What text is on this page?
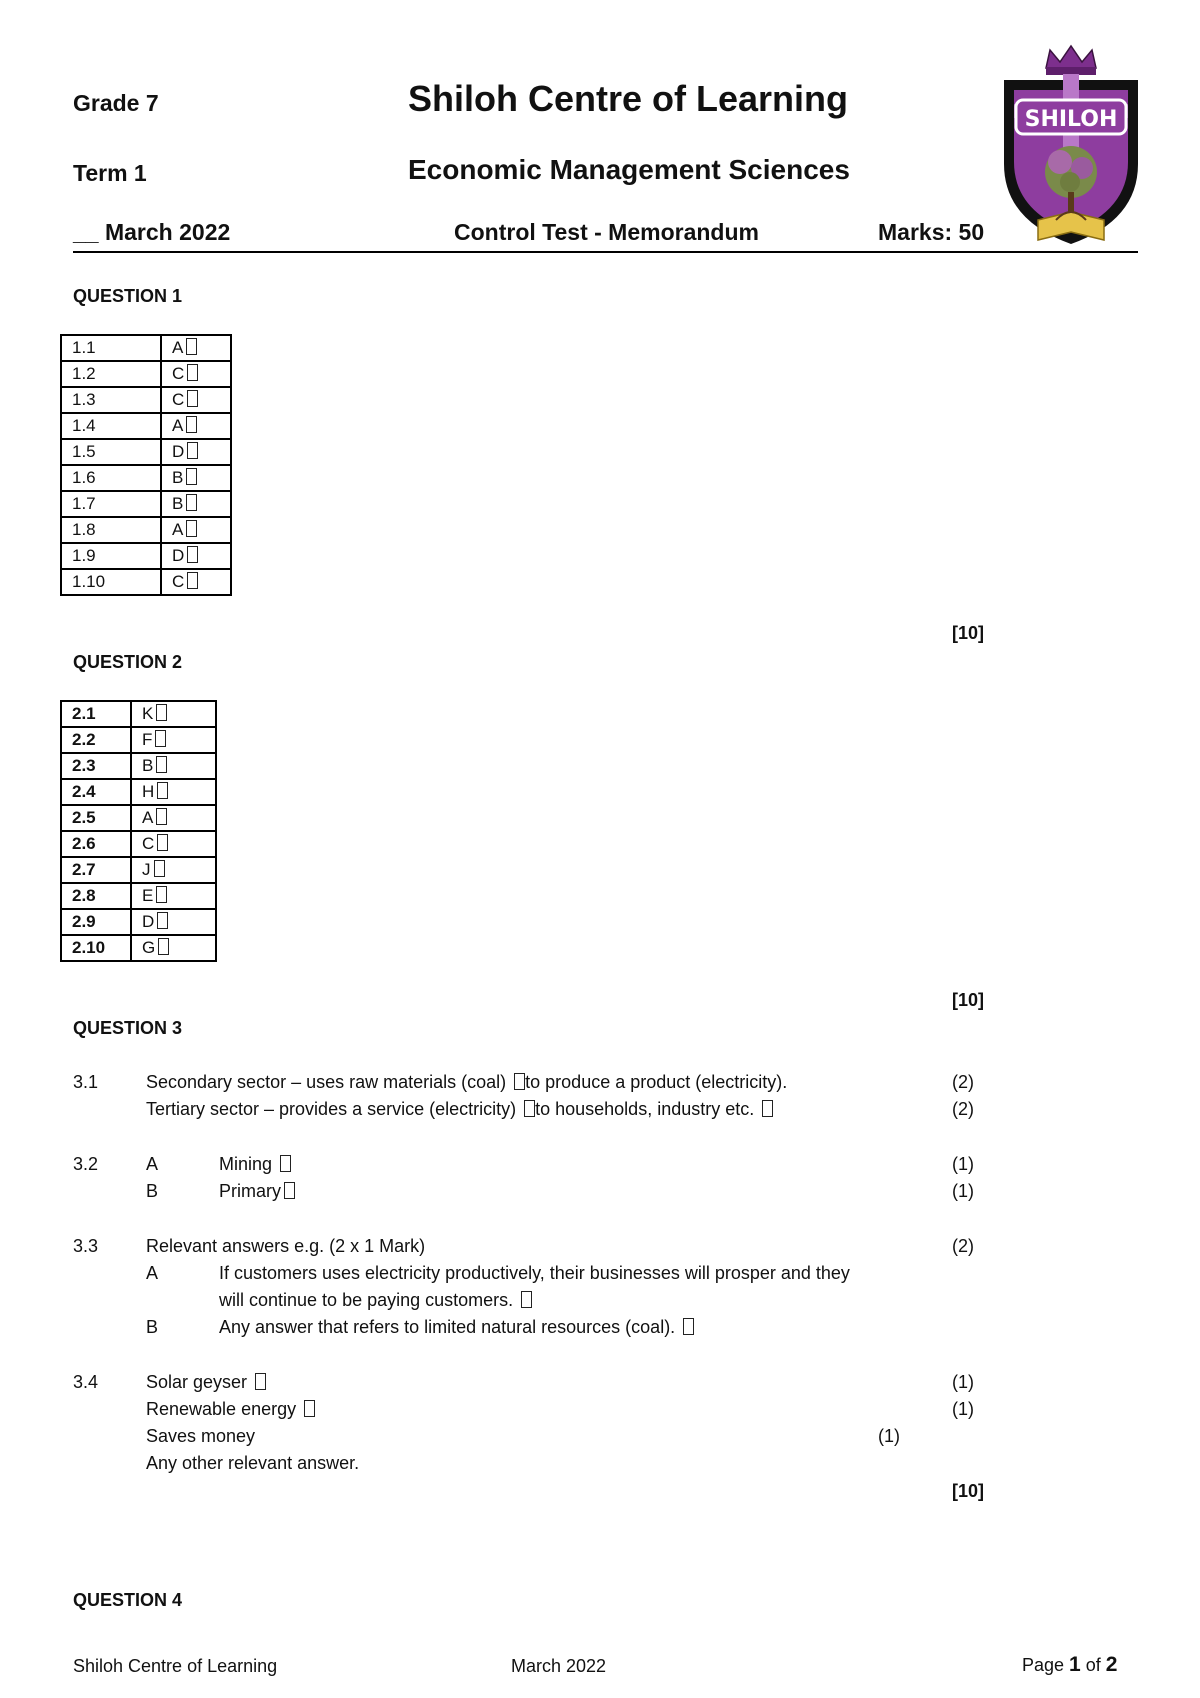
Grade 7	Shiloh Centre of Learning
Term 1	Economic Management Sciences
__ March 2022	Control Test - Memorandum	Marks: 50
SHILOH
QUESTION 1
1.1	A
1.2	C
1.3	C
1.4	A
1.5	D
1.6	B
1.7	B
1.8	A
1.9	D
1.10	C
[10]
QUESTION 2
2.1	K
2.2	F
2.3	B
2.4	H
2.5	A
2.6	C
2.7	J
2.8	E
2.9	D
2.10	G
[10]
QUESTION 3
3.1	Secondary sector – uses raw materials (coal) to produce a product (electricity).	(2)
Tertiary sector – provides a service (electricity) to households, industry etc.	(2)
3.2	A	Mining	(1)
B	Primary	(1)
3.3	Relevant answers e.g. (2 x 1 Mark)	(2)
A	If customers uses electricity productively, their businesses will prosper and they
will continue to be paying customers.
B	Any answer that refers to limited natural resources (coal).
3.4	Solar geyser	(1)
Renewable energy	(1)
Saves money	(1)
Any other relevant answer.
[10]
QUESTION 4
Shiloh Centre of Learning	March 2022	Page 1 of 2
